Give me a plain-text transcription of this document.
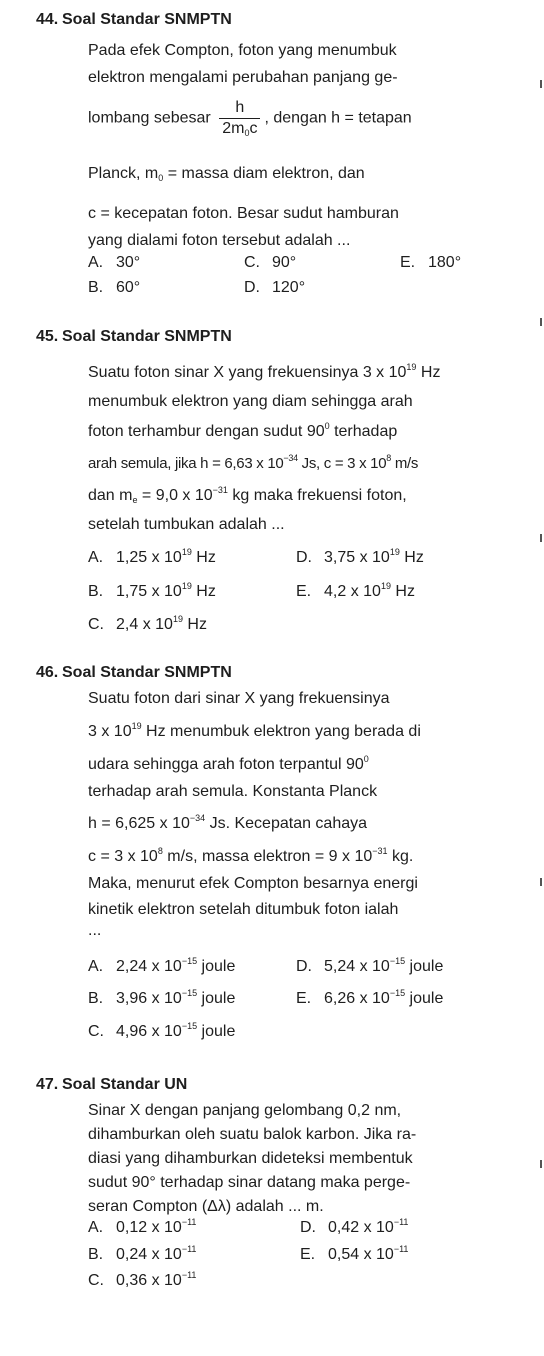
44. Soal Standar SNMPTN
Pada efek Compton, foton yang menumbuk
elektron mengalami perubahan panjang ge-
lombang sebesar $\frac{h}{2m_0c}$ , dengan h = tetapan
Planck, $m_0$ = massa diam elektron, dan
c = kecepatan foton. Besar sudut hamburan
yang dialami foton tersebut adalah ...
A. 30°
B. 60°
C. 90°
D. 120°
E. 180°
45. Soal Standar SNMPTN
Suatu foton sinar X yang frekuensinya 3 x $10^{19}$ Hz
menumbuk elektron yang diam sehingga arah
foton terhambur dengan sudut $90^0$ terhadap
arah semula, jika h = 6,63 x $10^{-34}$ Js, c = 3 x $10^8$ m/s
dan $m_e = 9,0$ x $10^{-31}$ kg maka frekuensi foton,
setelah tumbukan adalah ...
A. 1,25 x $10^{19}$ Hz
B. 1,75 x $10^{19}$ Hz
C. 2,4 x $10^{19}$ Hz
D. 3,75 x $10^{19}$ Hz
E. 4,2 x $10^{19}$ Hz
46. Soal Standar SNMPTN
Suatu foton dari sinar X yang frekuensinya
3 x $10^{19}$ Hz menumbuk elektron yang berada di
udara sehingga arah foton terpantul $90^0$
terhadap arah semula. Konstanta Planck
h = 6,625 x $10^{-34}$ Js. Kecepatan cahaya
c = 3 x $10^8$ m/s, massa elektron = 9 x $10^{-31}$ kg.
Maka, menurut efek Compton besarnya energi
kinetik elektron setelah ditumbuk foton ialah
...
A. 2,24 x $10^{-15}$ joule
B. 3,96 x $10^{-15}$ joule
C. 4,96 x $10^{-15}$ joule
D. 5,24 x $10^{-15}$ joule
E. 6,26 x $10^{-15}$ joule
47. Soal Standar UN
Sinar X dengan panjang gelombang 0,2 nm,
dihamburkan oleh suatu balok karbon. Jika ra-
diasi yang dihamburkan dideteksi membentuk
sudut 90° terhadap sinar datang maka perge-
seran Compton (Δλ) adalah ... m.
A. 0,12 x $10^{-11}$
B. 0,24 x $10^{-11}$
C. 0,36 x $10^{-11}$
D. 0,42 x $10^{-11}$
E. 0,54 x $10^{-11}$
